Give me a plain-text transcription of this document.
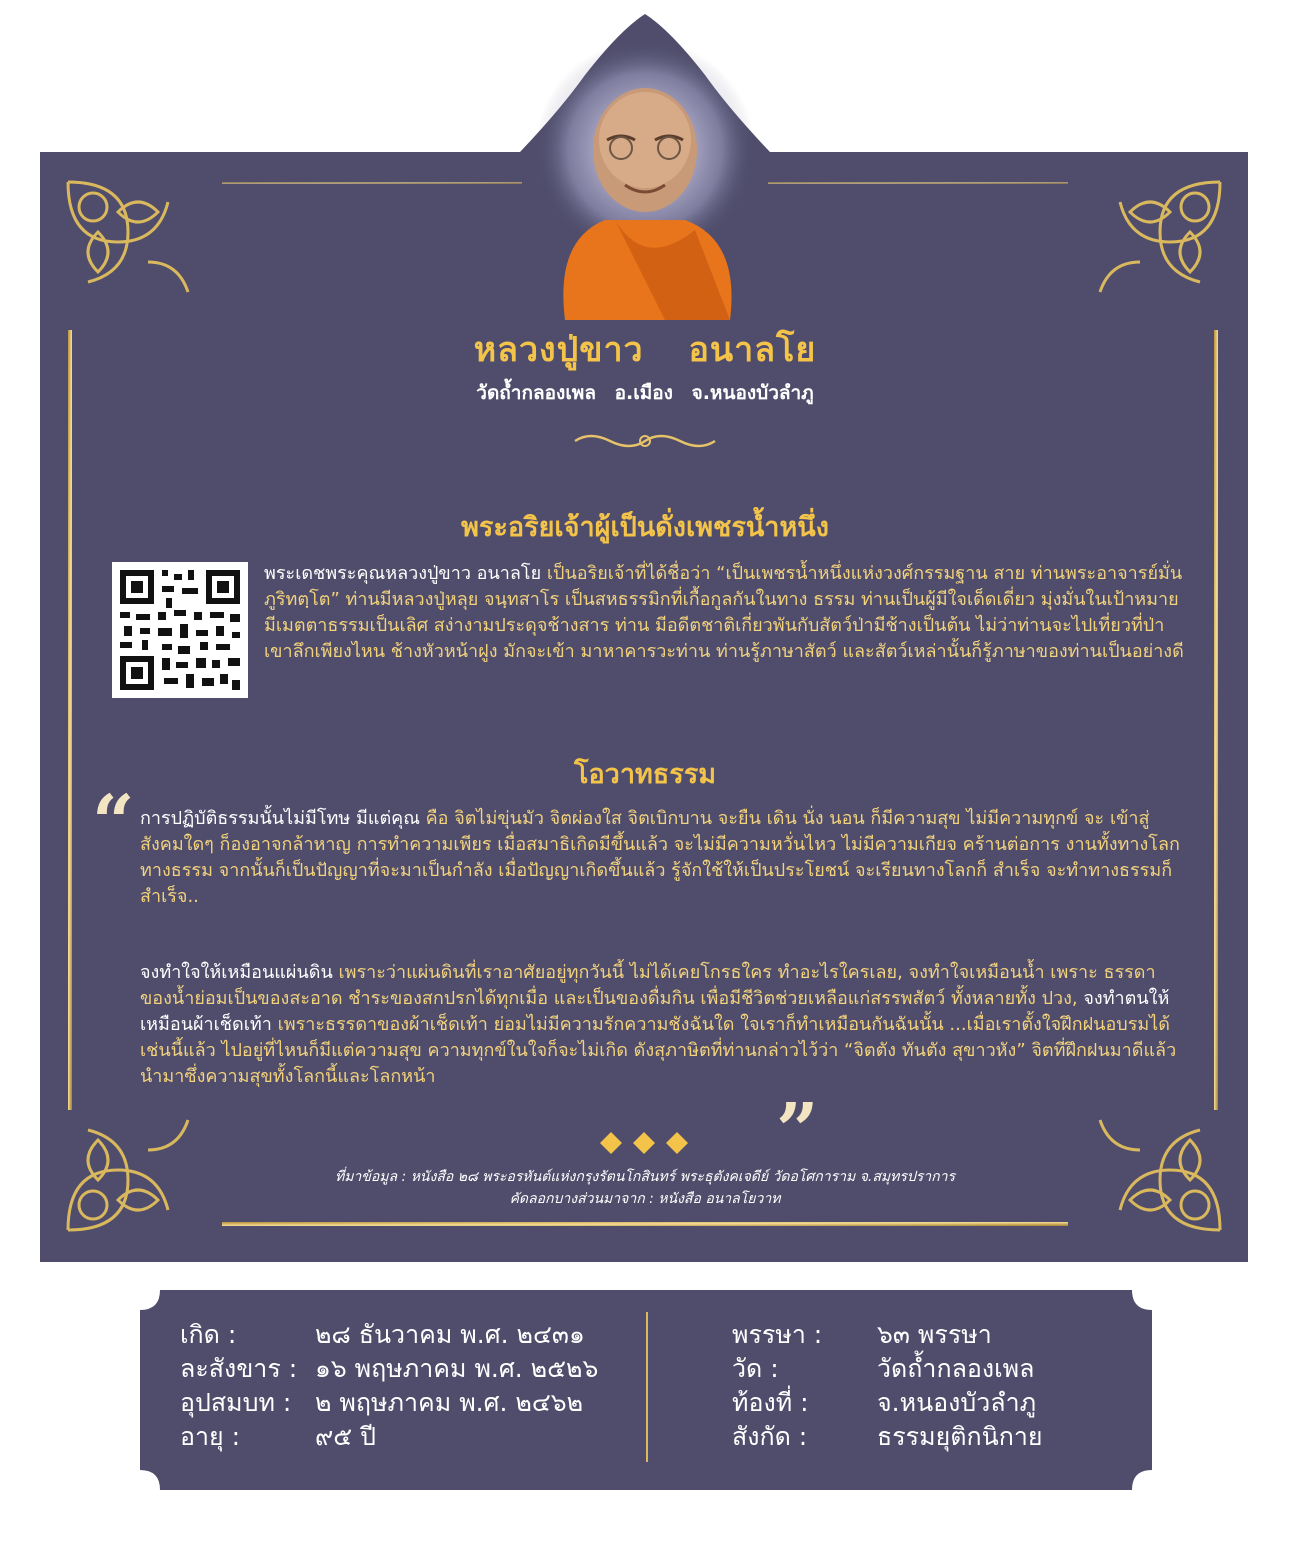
หลวงปู่ขาว อนาลโย
วัดถ้ำกลองเพล อ.เมือง จ.หนองบัวลำภู
พระอริยเจ้าผู้เป็นดั่งเพชรน้ำหนึ่ง
พระเดชพระคุณหลวงปู่ขาว อนาลโย เป็นอริยเจ้าที่ได้ชื่อว่า “เป็นเพชรน้ำหนึ่งแห่งวงศ์กรรมฐาน สาย ท่านพระอาจารย์มั่น ภูริทตฺโต” ท่านมีหลวงปู่หลุย จนฺทสาโร เป็นสหธรรมิกที่เกื้อกูลกันในทาง ธรรม ท่านเป็นผู้มีใจเด็ดเดี่ยว มุ่งมั่นในเป้าหมาย มีเมตตาธรรมเป็นเลิศ สง่างามประดุจช้างสาร ท่าน มีอดีตชาติเกี่ยวพันกับสัตว์ป่ามีช้างเป็นต้น ไม่ว่าท่านจะไปเที่ยวที่ป่าเขาลึกเพียงไหน ช้างหัวหน้าฝูง มักจะเข้า มาหาคารวะท่าน ท่านรู้ภาษาสัตว์ และสัตว์เหล่านั้นก็รู้ภาษาของท่านเป็นอย่างดี
โอวาทธรรม
“ การปฏิบัติธรรมนั้นไม่มีโทษ มีแต่คุณ คือ จิตไม่ขุ่นมัว จิตผ่องใส จิตเบิกบาน จะยืน เดิน นั่ง นอน ก็มีความสุข ไม่มีความทุกข์ จะ เข้าสู่สังคมใดๆ ก็องอาจกล้าหาญ การทำความเพียร เมื่อสมาธิเกิดมีขึ้นแล้ว จะไม่มีความหวั่นไหว ไม่มีความเกียจ คร้านต่อการ งานทั้งทางโลกทางธรรม จากนั้นก็เป็นปัญญาที่จะมาเป็นกำลัง เมื่อปัญญาเกิดขึ้นแล้ว รู้จักใช้ให้เป็นประโยชน์ จะเรียนทางโลกก็ สำเร็จ จะทำทางธรรมก็สำเร็จ..
จงทำใจให้เหมือนแผ่นดิน เพราะว่าแผ่นดินที่เราอาศัยอยู่ทุกวันนี้ ไม่ได้เคยโกรธใคร ทำอะไรใครเลย, จงทำใจเหมือนน้ำ เพราะ ธรรดาของน้ำย่อมเป็นของสะอาด ชำระของสกปรกได้ทุกเมื่อ และเป็นของดื่มกิน เพื่อมีชีวิตช่วยเหลือแก่สรรพสัตว์ ทั้งหลายทั้ง ปวง, จงทำตนให้เหมือนผ้าเช็ดเท้า เพราะธรรดาของผ้าเช็ดเท้า ย่อมไม่มีความรักความชังฉันใด ใจเราก็ทำเหมือนกันฉันนั้น ...เมื่อเราตั้งใจฝึกฝนอบรมได้เช่นนี้แล้ว ไปอยู่ที่ไหนก็มีแต่ความสุข ความทุกข์ในใจก็จะไม่เกิด ดังสุภาษิตที่ท่านกล่าวไว้ว่า “จิตตัง ทันตัง สุขาวหัง” จิตที่ฝึกฝนมาดีแล้ว นำมาซึ่งความสุขทั้งโลกนี้และโลกหน้า
”
ที่มาข้อมูล : หนังสือ ๒๘ พระอรหันต์แห่งกรุงรัตนโกสินทร์ พระธุตังคเจดีย์ วัดอโศการาม จ.สมุทรปราการ
คัดลอกบางส่วนมาจาก : หนังสือ อนาลโยวาท
เกิด :	๒๘ ธันวาคม พ.ศ. ๒๔๓๑
ละสังขาร : ๑๖ พฤษภาคม พ.ศ. ๒๕๒๖
อุปสมบท : ๒ พฤษภาคม พ.ศ. ๒๔๖๒
อายุ :	๙๕ ปี
พรรษา : ๖๓ พรรษา
วัด :	วัดถ้ำกลองเพล
ท้องที่ :	จ.หนองบัวลำภู
สังกัด :	ธรรมยุติกนิกาย
